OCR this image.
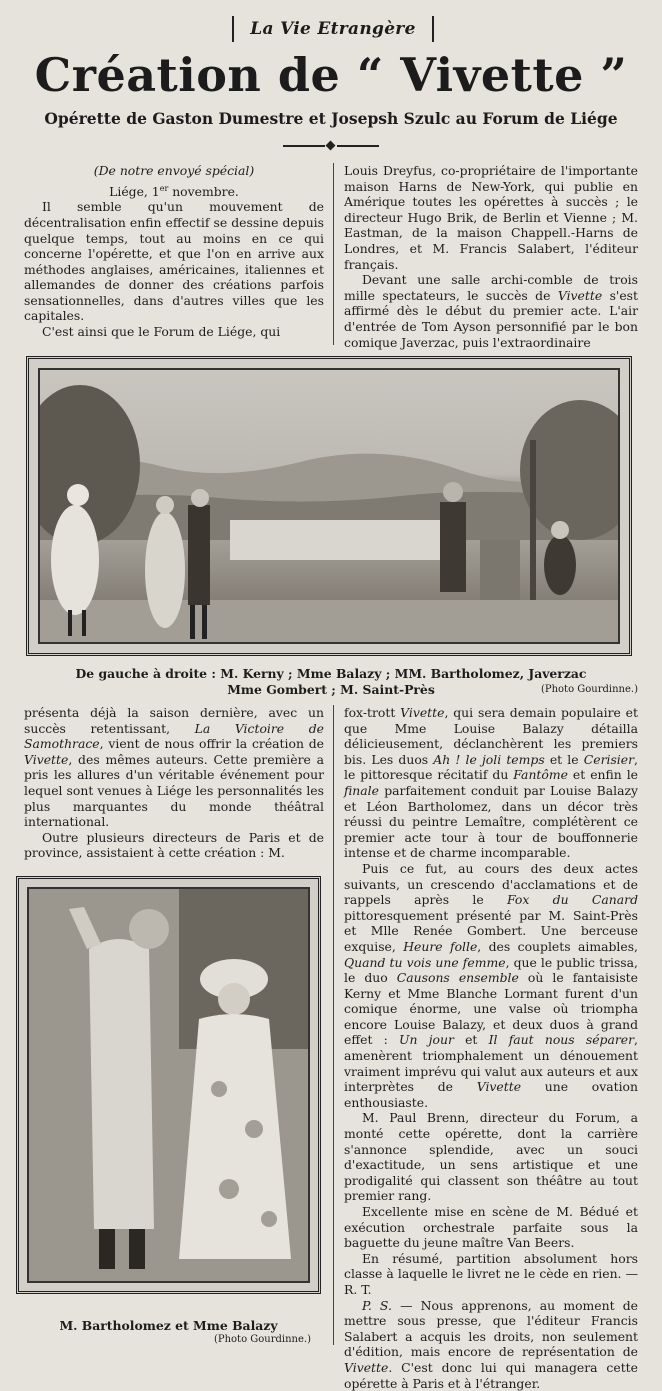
La Vie Etrangère
Création de “ Vivette ”
Opérette de Gaston Dumestre et Josepsh Szulc au Forum de Liége

(De notre envoyé spécial)

Liége, 1er novembre.

Il semble qu'un mouvement de décentralisation enfin effectif se dessine depuis quelque temps, tout au moins en ce qui concerne l'opérette, et que l'on en arrive aux méthodes anglaises, américaines, italiennes et allemandes de donner des créations parfois sensationnelles, dans d'autres villes que les capitales.

C'est ainsi que le Forum de Liége, qui

Louis Dreyfus, co-propriétaire de l'importante maison Harns de New-York, qui publie en Amérique toutes les opérettes à succès ; le directeur Hugo Brik, de Berlin et Vienne ; M. Eastman, de la maison Chappell.-Harns de Londres, et M. Francis Salabert, l'éditeur français.

Devant une salle archi-comble de trois mille spectateurs, le succès de Vivette s'est affirmé dès le début du premier acte. L'air d'entrée de Tom Ayson personnifié par le bon comique Javerzac, puis l'extraordinaire

De gauche à droite : M. Kerny ; Mme Balazy ; MM. Bartholomez, Javerzac
Mme Gombert ; M. Saint-Près	(Photo Gourdinne.)

présenta déjà la saison dernière, avec un succès retentissant, La Victoire de Samothrace, vient de nous offrir la création de Vivette, des mêmes auteurs. Cette première a pris les allures d'un véritable événement pour lequel sont venues à Liége les personnalités les plus marquantes du monde théâtral international.

Outre plusieurs directeurs de Paris et de province, assistaient à cette création : M.

M. Bartholomez et Mme Balazy
(Photo Gourdinne.)

fox-trott Vivette, qui sera demain populaire et que Mme Louise Balazy détailla délicieusement, déclanchèrent les premiers bis. Les duos Ah ! le joli temps et le Cerisier, le pittoresque récitatif du Fantôme et enfin le finale parfaitement conduit par Louise Balazy et Léon Bartholomez, dans un décor très réussi du peintre Lemaître, complétèrent ce premier acte tour à tour de bouffonnerie intense et de charme incomparable.

Puis ce fut, au cours des deux actes suivants, un crescendo d'acclamations et de rappels après le Fox du Canard pittoresquement présenté par M. Saint-Près et Mlle Renée Gombert. Une berceuse exquise, Heure folle, des couplets aimables, Quand tu vois une femme, que le public trissa, le duo Causons ensemble où le fantaisiste Kerny et Mme Blanche Lormant furent d'un comique énorme, une valse où triompha encore Louise Balazy, et deux duos à grand effet : Un jour et Il faut nous séparer, amenèrent triomphalement un dénouement vraiment imprévu qui valut aux auteurs et aux interprètes de Vivette une ovation enthousiaste.

M. Paul Brenn, directeur du Forum, a monté cette opérette, dont la carrière s'annonce splendide, avec un souci d'exactitude, un sens artistique et une prodigalité qui classent son théâtre au tout premier rang.

Excellente mise en scène de M. Bédué et exécution orchestrale parfaite sous la baguette du jeune maître Van Beers.

En résumé, partition absolument hors classe à laquelle le livret ne le cède en rien. — R. T.

P. S. — Nous apprenons, au moment de mettre sous presse, que l'éditeur Francis Salabert a acquis les droits, non seulement d'édition, mais encore de représentation de Vivette. C'est donc lui qui managera cette opérette à Paris et à l'étranger.
